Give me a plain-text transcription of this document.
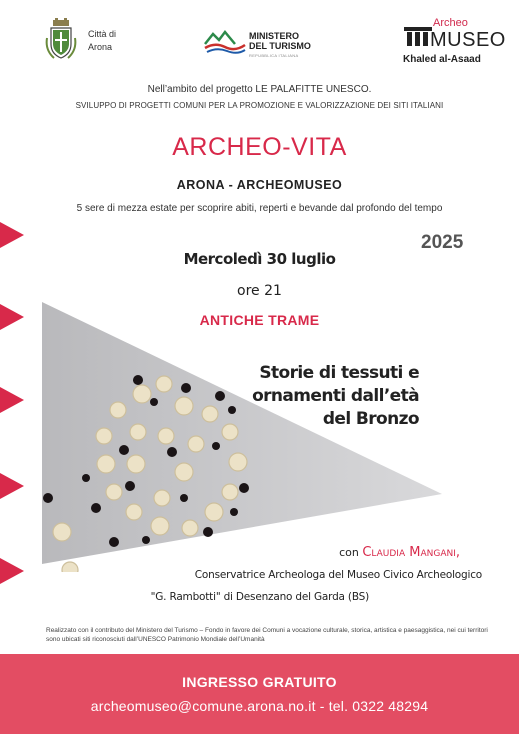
Città di
Arona
MINISTERO
DEL TURISMO
REPUBBLICA ITALIANA
Archeo
MUSEO
Khaled al-Asaad
Nell’ambito del progetto LE PALAFITTE UNESCO.
SVILUPPO DI PROGETTI COMUNI PER LA PROMOZIONE E VALORIZZAZIONE DEI SITI ITALIANI
ARCHEO-VITA
ARONA - ARCHEOMUSEO
5 sere di mezza estate per scoprire abiti, reperti e bevande dal profondo del tempo
2025
Mercoledì 30 luglio
ore 21
ANTICHE TRAME
Storie di tessuti e
ornamenti dall’età
del Bronzo
con Claudia Mangani,
Conservatrice Archeologa del Museo Civico Archeologico
"G. Rambotti" di Desenzano del Garda (BS)
Realizzato con il contributo del Ministero del Turismo – Fondo in favore dei Comuni a vocazione culturale, storica, artistica e paesaggistica, nei cui territori
sono ubicati siti riconosciuti dall’UNESCO Patrimonio Mondiale dell’Umanità
INGRESSO GRATUITO
archeomuseo@comune.arona.no.it - tel. 0322 48294
